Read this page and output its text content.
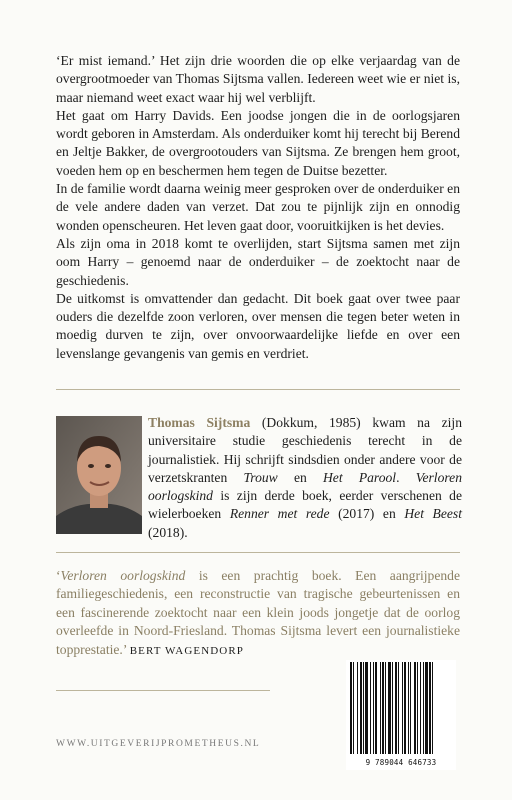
‘Er mist iemand.’ Het zijn drie woorden die op elke verjaardag van de overgrootmoeder van Thomas Sijtsma vallen. Iedereen weet wie er niet is, maar niemand weet exact waar hij wel verblijft.

Het gaat om Harry Davids. Een joodse jongen die in de oorlogsjaren wordt geboren in Amsterdam. Als onderduiker komt hij terecht bij Berend en Jeltje Bakker, de overgrootouders van Sijtsma. Ze brengen hem groot, voeden hem op en beschermen hem tegen de Duitse bezetter.

In de familie wordt daarna weinig meer gesproken over de onderduiker en de vele andere daden van verzet. Dat zou te pijnlijk zijn en onnodig wonden openscheuren. Het leven gaat door, vooruitkijken is het devies.

Als zijn oma in 2018 komt te overlijden, start Sijtsma samen met zijn oom Harry – genoemd naar de onderduiker – de zoektocht naar de geschiedenis.

De uitkomst is omvattender dan gedacht. Dit boek gaat over twee paar ouders die dezelfde zoon verloren, over mensen die tegen beter weten in moedig durven te zijn, over onvoorwaardelijke liefde en over een levenslange gevangenis van gemis en verdriet.

Thomas Sijtsma (Dokkum, 1985) kwam na zijn universitaire studie geschiedenis terecht in de journalistiek. Hij schrijft sindsdien onder andere voor de verzetskranten Trouw en Het Parool. Verloren oorlogskind is zijn derde boek, eerder verschenen de wielerboeken Renner met rede (2017) en Het Beest (2018).

‘Verloren oorlogskind is een prachtig boek. Een aangrijpende familiegeschiedenis, een reconstructie van tragische gebeurtenissen en een fascinerende zoektocht naar een klein joods jongetje dat de oorlog overleefde in Noord-Friesland. Thomas Sijtsma levert een journalistieke topprestatie.’ BERT WAGENDORP

WWW.UITGEVERIJPROMETHEUS.NL
9 789044 646733
